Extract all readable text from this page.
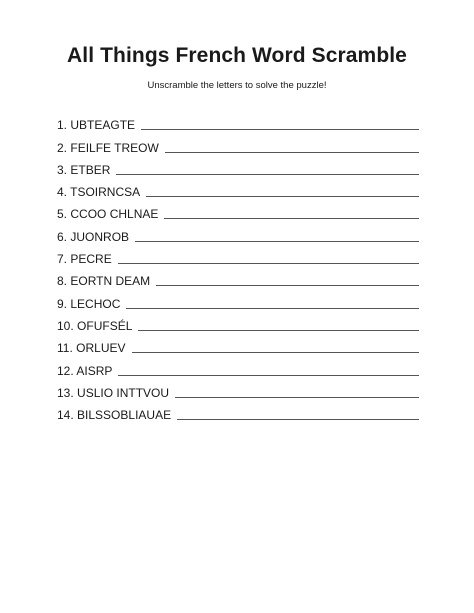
All Things French Word Scramble
Unscramble the letters to solve the puzzle!
1. UBTEAGTE
2. FEILFE TREOW
3. ETBER
4. TSOIRNCSA
5. CCOO CHLNAE
6. JUONROB
7. PECRE
8. EORTN DEAM
9. LECHOC
10. OFUFSÉL
11. ORLUEV
12. AISRP
13. USLIO INTTVOU
14. BILSSOBLIAUAE
